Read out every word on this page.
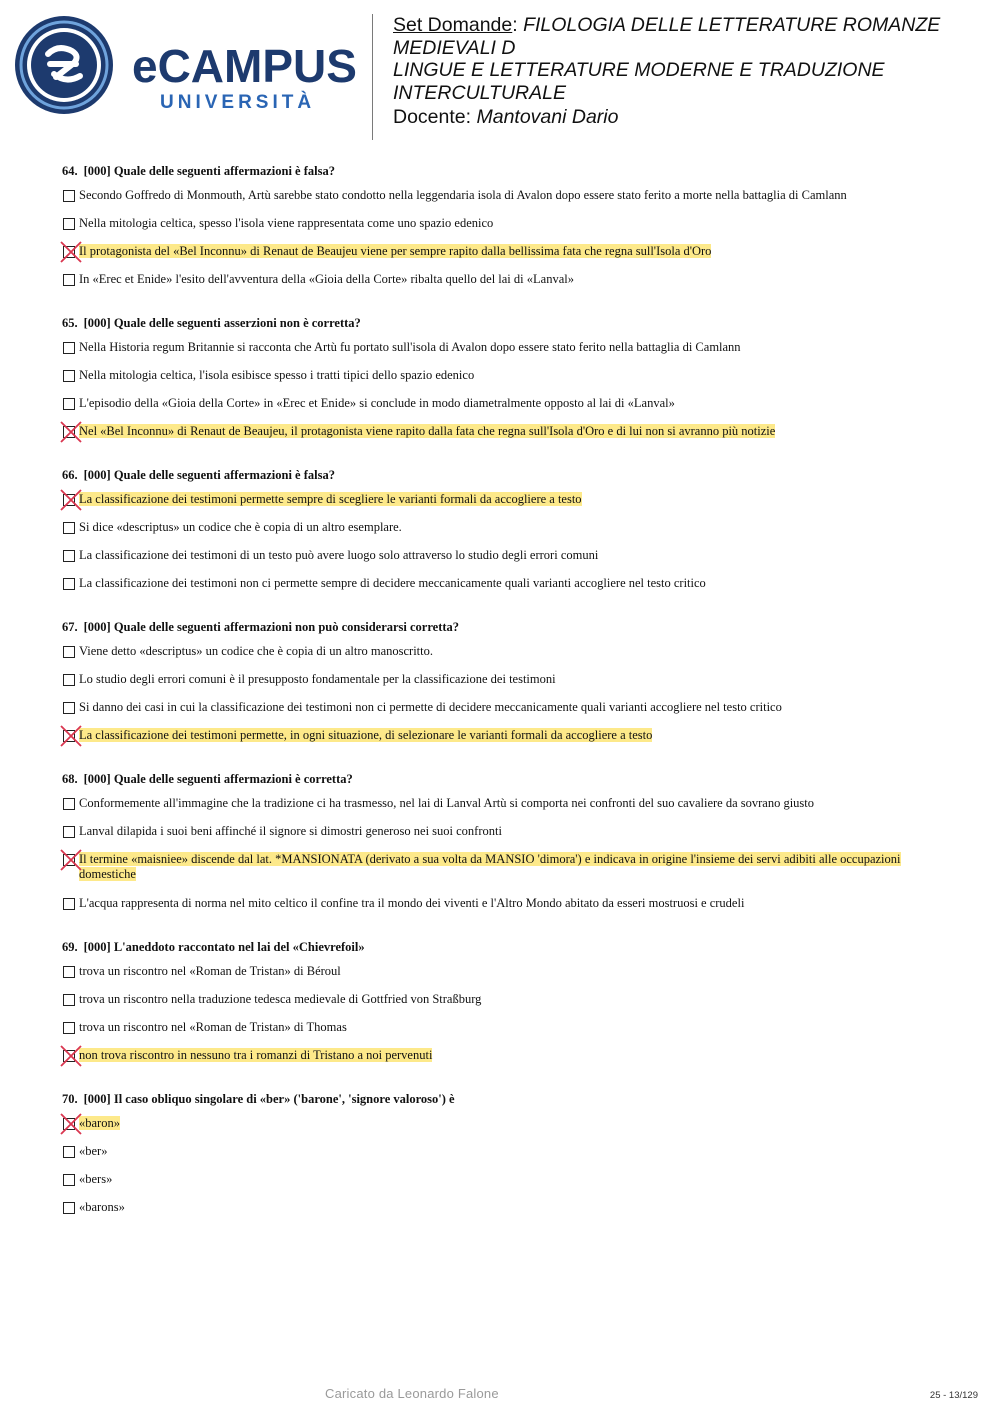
eCAMPUS
UNIVERSITÀ
Set Domande: FILOLOGIA DELLE LETTERATURE ROMANZE
MEDIEVALI D
LINGUE E LETTERATURE MODERNE E TRADUZIONE
INTERCULTURALE
Docente: Mantovani Dario
64. [000] Quale delle seguenti affermazioni è falsa?
Secondo Goffredo di Monmouth, Artù sarebbe stato condotto nella leggendaria isola di Avalon dopo essere stato ferito a morte nella battaglia di Camlann
Nella mitologia celtica, spesso l'isola viene rappresentata come uno spazio edenico
Il protagonista del «Bel Inconnu» di Renaut de Beaujeu viene per sempre rapito dalla bellissima fata che regna sull'Isola d'Oro
In «Erec et Enide» l'esito dell'avventura della «Gioia della Corte» ribalta quello del lai di «Lanval»
65. [000] Quale delle seguenti asserzioni non è corretta?
Nella Historia regum Britannie si racconta che Artù fu portato sull'isola di Avalon dopo essere stato ferito nella battaglia di Camlann
Nella mitologia celtica, l'isola esibisce spesso i tratti tipici dello spazio edenico
L'episodio della «Gioia della Corte» in «Erec et Enide» si conclude in modo diametralmente opposto al lai di «Lanval»
Nel «Bel Inconnu» di Renaut de Beaujeu, il protagonista viene rapito dalla fata che regna sull'Isola d'Oro e di lui non si avranno più notizie
66. [000] Quale delle seguenti affermazioni è falsa?
La classificazione dei testimoni permette sempre di scegliere le varianti formali da accogliere a testo
Si dice «descriptus» un codice che è copia di un altro esemplare.
La classificazione dei testimoni di un testo può avere luogo solo attraverso lo studio degli errori comuni
La classificazione dei testimoni non ci permette sempre di decidere meccanicamente quali varianti accogliere nel testo critico
67. [000] Quale delle seguenti affermazioni non può considerarsi corretta?
Viene detto «descriptus» un codice che è copia di un altro manoscritto.
Lo studio degli errori comuni è il presupposto fondamentale per la classificazione dei testimoni
Si danno dei casi in cui la classificazione dei testimoni non ci permette di decidere meccanicamente quali varianti accogliere nel testo critico
La classificazione dei testimoni permette, in ogni situazione, di selezionare le varianti formali da accogliere a testo
68. [000] Quale delle seguenti affermazioni è corretta?
Conformemente all'immagine che la tradizione ci ha trasmesso, nel lai di Lanval Artù si comporta nei confronti del suo cavaliere da sovrano giusto
Lanval dilapida i suoi beni affinché il signore si dimostri generoso nei suoi confronti
Il termine «maisniee» discende dal lat. *MANSIONATA (derivato a sua volta da MANSIO 'dimora') e indicava in origine l'insieme dei servi adibiti alle occupazioni domestiche
L'acqua rappresenta di norma nel mito celtico il confine tra il mondo dei viventi e l'Altro Mondo abitato da esseri mostruosi e crudeli
69. [000] L'aneddoto raccontato nel lai del «Chievrefoil»
trova un riscontro nel «Roman de Tristan» di Béroul
trova un riscontro nella traduzione tedesca medievale di Gottfried von Straßburg
trova un riscontro nel «Roman de Tristan» di Thomas
non trova riscontro in nessuno tra i romanzi di Tristano a noi pervenuti
70. [000] Il caso obliquo singolare di «ber» ('barone', 'signore valoroso') è
«baron»
«ber»
«bers»
«barons»
Caricato da Leonardo Falone	25 - 13/129
